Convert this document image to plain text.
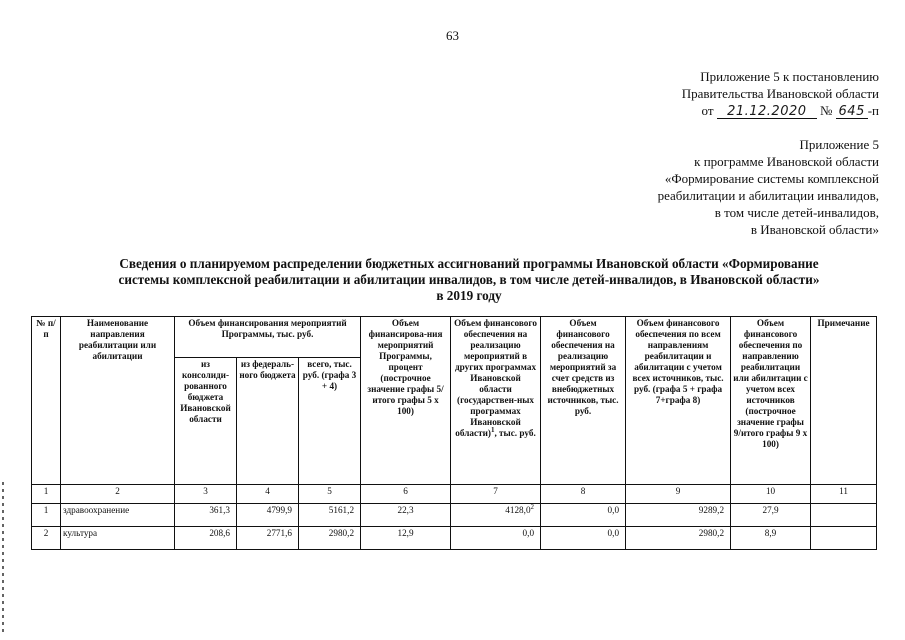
63
Приложение 5 к постановлению
Правительства Ивановской области
от 21.12.2020 № 645 -п
Приложение 5
к программе Ивановской области
«Формирование системы комплексной
реабилитации и абилитации инвалидов,
в том числе детей-инвалидов,
в Ивановской области»
Сведения о планируемом распределении бюджетных ассигнований программы Ивановской области «Формирование
системы комплексной реабилитации и абилитации инвалидов, в том числе детей-инвалидов, в Ивановской области»
в 2019 году
№ п/п	Наименование направления реабилитации или абилитации	Объем финансирования мероприятий Программы, тыс. руб.			Объем финансирова-ния мероприятий Программы, процент (построчное значение графы 5/итого графы 5 х 100)	Объем финансового обеспечения на реализацию мероприятий в других программах Ивановской области (государствен-ных программах Ивановской области)$^1$, тыс. руб.	Объем финансового обеспечения на реализацию мероприятий за счет средств из внебюджетных источников, тыс. руб.	Объем финансового обеспечения по всем направлениям реабилитации и абилитации с учетом всех источников, тыс. руб. (графа 5 + графа 7+графа 8)	Объем финансового обеспечения по направлению реабилитации или абилитации с учетом всех источников (построчное значение графы 9/итого графы 9 х 100)	Примечание
		из консолиди-рованного бюджета Ивановской области	из федераль-ного бюджета	всего, тыс. руб. (графа 3 + 4)						
1	2	3	4	5	6	7	8	9	10	11
1	здравоохранение	361,3	4799,9	5161,2	22,3	4128,0$^2$	0,0	9289,2	27,9	
2	культура	208,6	2771,6	2980,2	12,9	0,0	0,0	2980,2	8,9	
